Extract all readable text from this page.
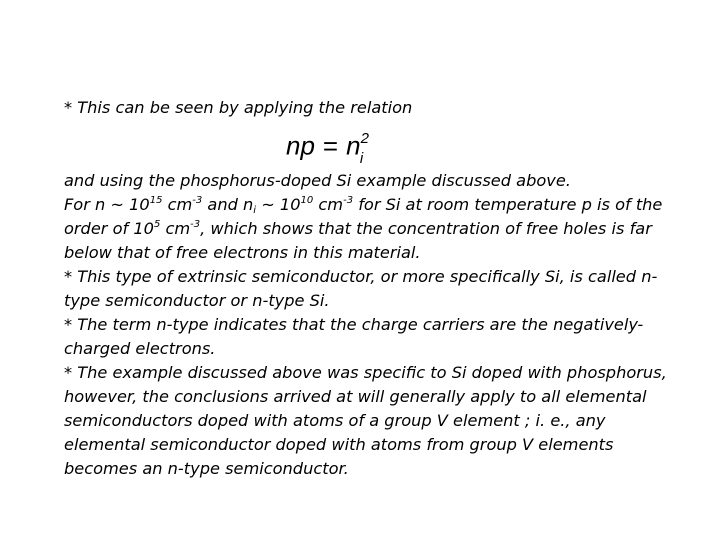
* This can be seen by applying the relation
np = $n^2_i$
and using the phosphorus-doped Si example discussed above.
For n ~ $10^{15}$ $cm^{-3}$ and $n_i$ ~ $10^{10}$ $cm^{-3}$ for Si at room temperature p is of the
order of $10^5$ $cm^{-3}$, which shows that the concentration of free holes is far
below that of free electrons in this material.
* This type of extrinsic semiconductor, or more specifically Si, is called n-
type semiconductor or n-type Si.
* The term n-type indicates that the charge carriers are the negatively-
charged electrons.
* The example discussed above was specific to Si doped with phosphorus,
however, the conclusions arrived at will generally apply to all elemental
semiconductors doped with atoms of a group V element ; i. e., any
elemental semiconductor doped with atoms from group V elements
becomes an n-type semiconductor.
